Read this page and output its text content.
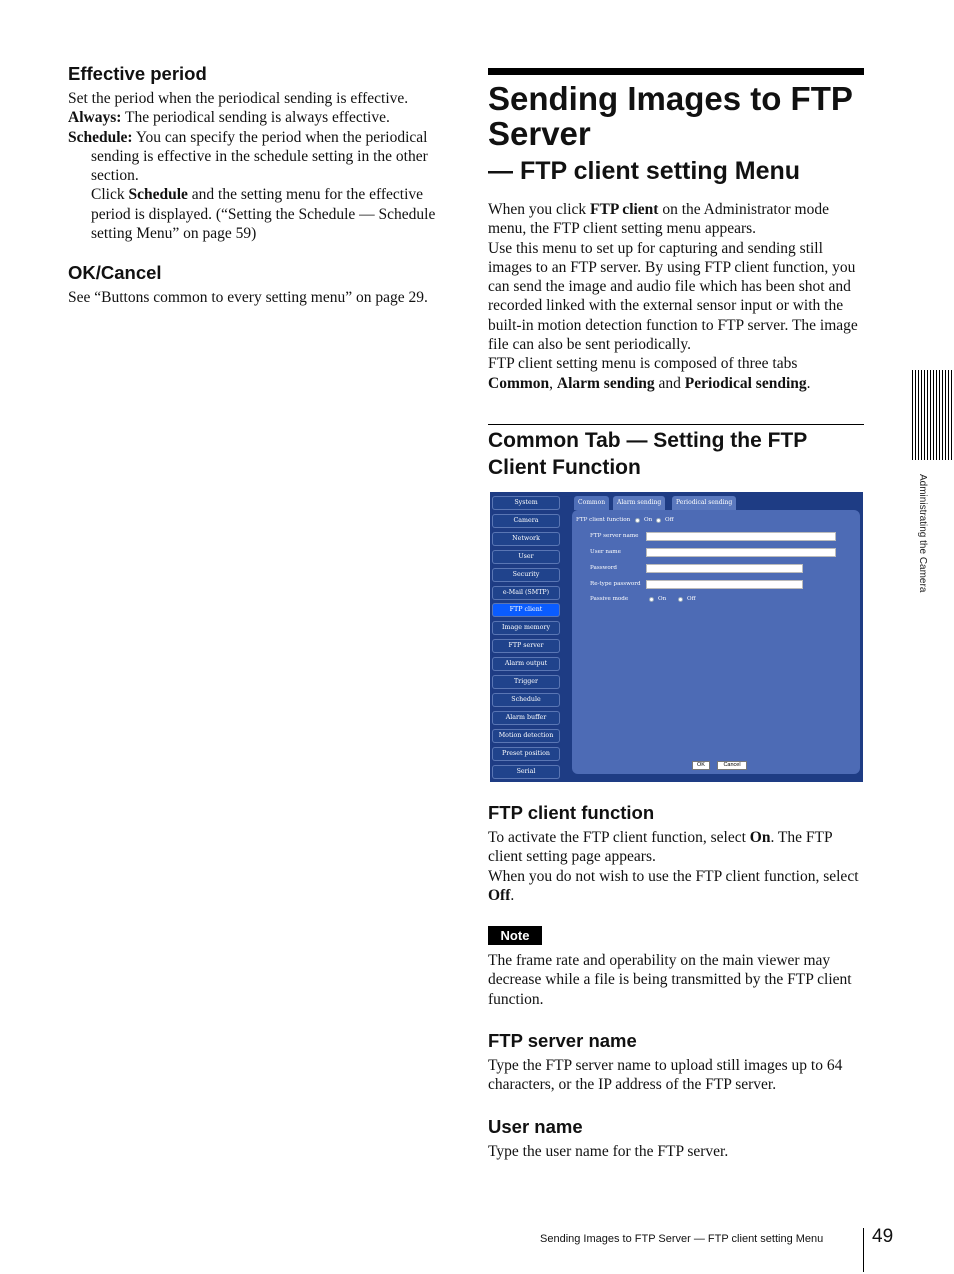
Effective period
Set the period when the periodical sending is effective.
Always: The periodical sending is always effective.
Schedule: You can specify the period when the periodical sending is effective in the schedule setting in the other section.
Click Schedule and the setting menu for the effective period is displayed. (“Setting the Schedule — Schedule setting Menu” on page 59)
OK/Cancel
See “Buttons common to every setting menu” on page 29.
Sending Images to FTP Server
— FTP client setting Menu
When you click FTP client on the Administrator mode menu, the FTP client setting menu appears.
Use this menu to set up for capturing and sending still images to an FTP server. By using FTP client function, you can send the image and audio file which has been shot and recorded linked with the external sensor input or with the built-in motion detection function to FTP server. The image file can also be sent periodically.
FTP client setting menu is composed of three tabs Common, Alarm sending and Periodical sending.
Common Tab — Setting the FTP Client Function
System
Camera
Network
User
Security
e-Mail (SMTP)
FTP client
Image memory
FTP server
Alarm output
Trigger
Schedule
Alarm buffer
Motion detection
Preset position
Serial
Common	Alarm sending	Periodical sending
FTP client function On Off
FTP server name
User name
Password
Re-type password
Passive mode	On	Off
OK	Cancel
FTP client function
To activate the FTP client function, select On. The FTP client setting page appears.
When you do not wish to use the FTP client function, select Off.
Note
The frame rate and operability on the main viewer may decrease while a file is being transmitted by the FTP client function.
FTP server name
Type the FTP server name to upload still images up to 64 characters, or the IP address of the FTP server.
User name
Type the user name for the FTP server.
Administrating the Camera
Sending Images to FTP Server — FTP client setting Menu	49
